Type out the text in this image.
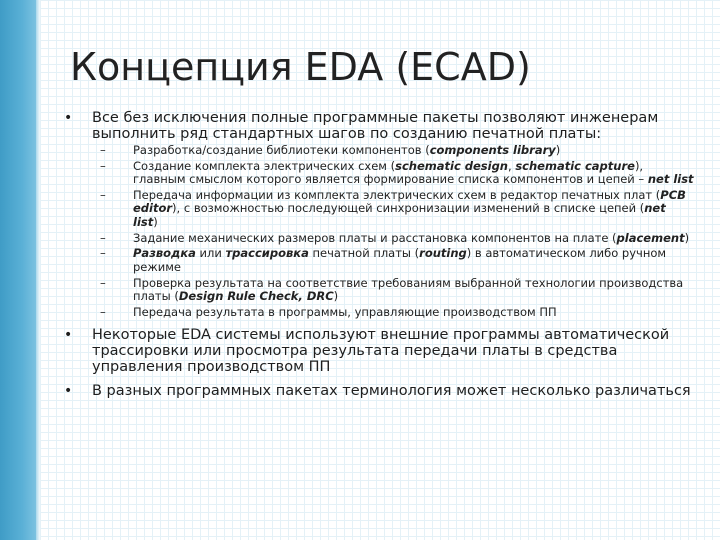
Концепция EDA (ECAD)
•	Все без исключения полные программные пакеты позволяют инженерам выполнить ряд стандартных шагов по созданию печатной платы:
– Разработка/создание библиотеки компонентов (components library)
– Создание комплекта электрических схем (schematic design, schematic capture), главным смыслом которого является формирование списка компонентов и цепей – net list
– Передача информации из комплекта электрических схем в редактор печатных плат (PCB editor), с возможностью последующей синхронизации изменений в списке цепей (net list)
– Задание механических размеров платы и расстановка компонентов на плате (placement)
– Разводка или трассировка печатной платы (routing) в автоматическом либо ручном режиме
– Проверка результата на соответствие требованиям выбранной технологии производства платы (Design Rule Check, DRC)
– Передача результата в программы, управляющие производством ПП
•	Некоторые EDA системы используют внешние программы автоматической трассировки или просмотра результата передачи платы в средства управления производством ПП
•	В разных программных пакетах терминология может несколько различаться
